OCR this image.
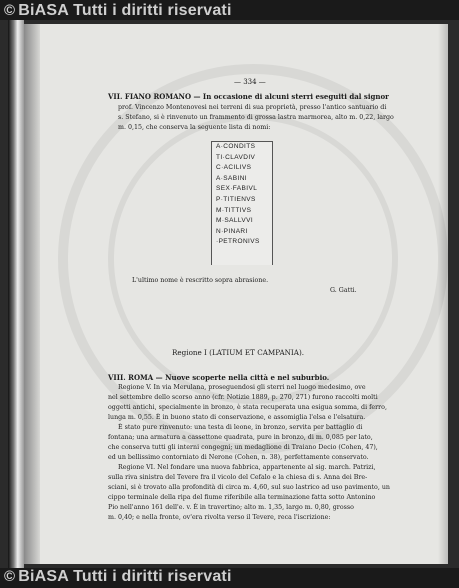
© BiASA Tutti i diritti riservati
— 334 —
VII. FIANO ROMANO — In occasione di alcuni sterri eseguiti dal signor
prof. Vincenzo Montenovesi nei terreni di sua proprietà, presso l'antico santuario di
s. Stefano, si è rinvenuto un frammento di grossa lastra marmorea, alto m. 0,22, largo
m. 0,15, che conserva la seguente lista di nomi:
A·CONDITS
TI·CLAVDIV
C·ACILIVS
A·SABINI
SEX·FABIVL
P·TITIENVS
M·TITTIVS
M·SALLVVI
N·PINARI
·PETRONIVS
L'ultimo nome è rescritto sopra abrasione.
G. Gatti.
Regione I (LATIUM ET CAMPANIA).
VIII. ROMA — Nuove scoperte nella città e nel suburbio.
Regione V. In via Merulana, proseguendosi gli sterri nel luogo medesimo, ove
nel settembre dello scorso anno (cfr. Notizie 1889, p. 270, 271) furono raccolti molti
oggetti antichi, specialmente in bronzo, è stata recuperata una esigua somma, di ferro,
lunga m. 0,55. È in buono stato di conservazione, e assomiglia l'elsa e l'elsatura.
È stato pure rinvenuto: una testa di leone, in bronzo, servita per battaglio di
fontana; una armatura a cassettone quadrata, pure in bronzo, di m. 0,085 per lato,
che conserva tutti gli interni congegni; un medaglione di Traiano Decio (Cohen, 47),
ed un bellissimo contorniato di Nerone (Cohen, n. 38), perfettamente conservato.
Regione VI. Nel fondare una nuova fabbrica, appartenente al sig. march. Patrizi,
sulla riva sinistra del Tevere fra il vicolo del Cefalo e la chiesa di s. Anna dei Bre-
sciani, si è trovato alla profondità di circa m. 4,60, sul suo lastrico ad uso pavimento, un
cippo terminale della ripa del fiume riferibile alla terminazione fatta sotto Antonino
Pio nell'anno 161 dell'e. v. È in travertino; alto m. 1,35, largo m. 0,80, grosso
m. 0,40; e nella fronte, ov'era rivolta verso il Tevere, reca l'iscrizione:
© BiASA Tutti i diritti riservati
